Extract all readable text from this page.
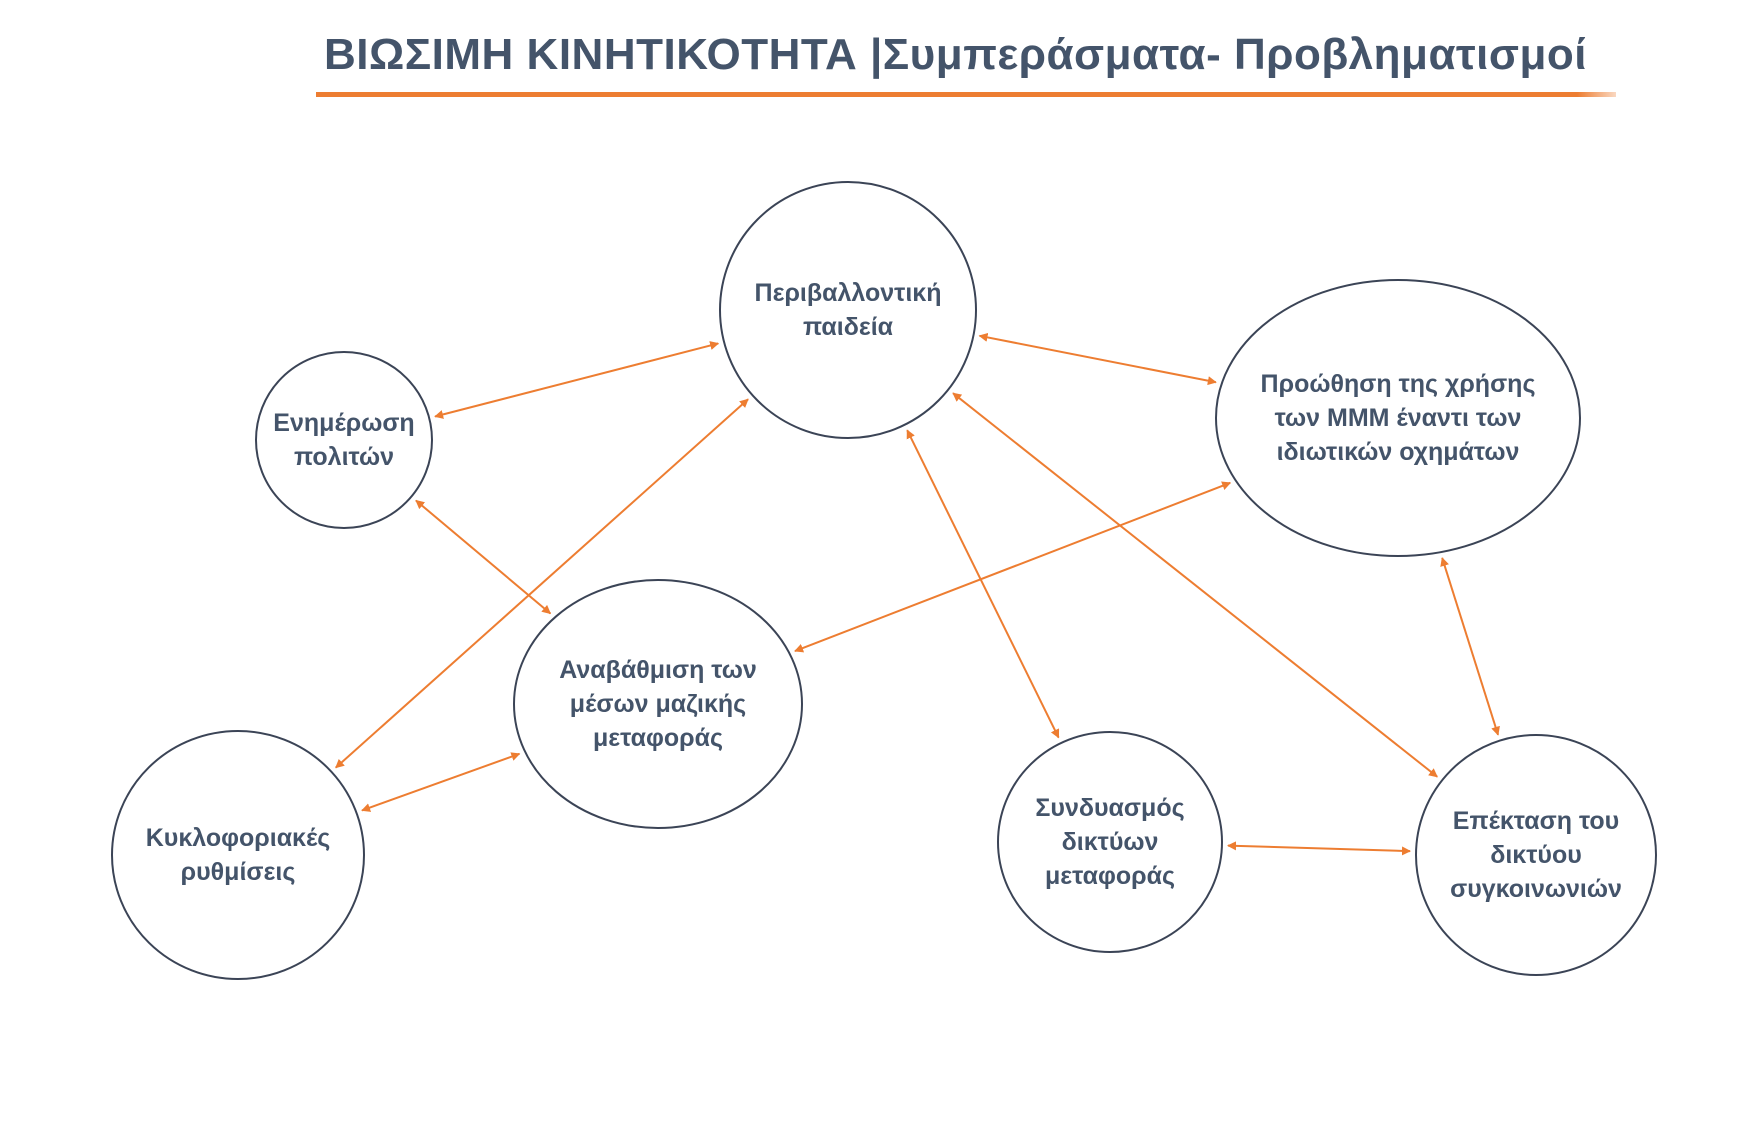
ΒΙΩΣΙΜΗ ΚΙΝΗΤΙΚΟΤΗΤΑ |Συμπεράσματα- Προβληματισμοί
Περιβαλλοντική
παιδεία
Ενημέρωση
πολιτών
Προώθηση της χρήσης
των ΜΜΜ έναντι των
ιδιωτικών οχημάτων
Αναβάθμιση των
μέσων μαζικής
μεταφοράς
Κυκλοφοριακές
ρυθμίσεις
Συνδυασμός
δικτύων
μεταφοράς
Επέκταση του
δικτύου
συγκοινωνιών
